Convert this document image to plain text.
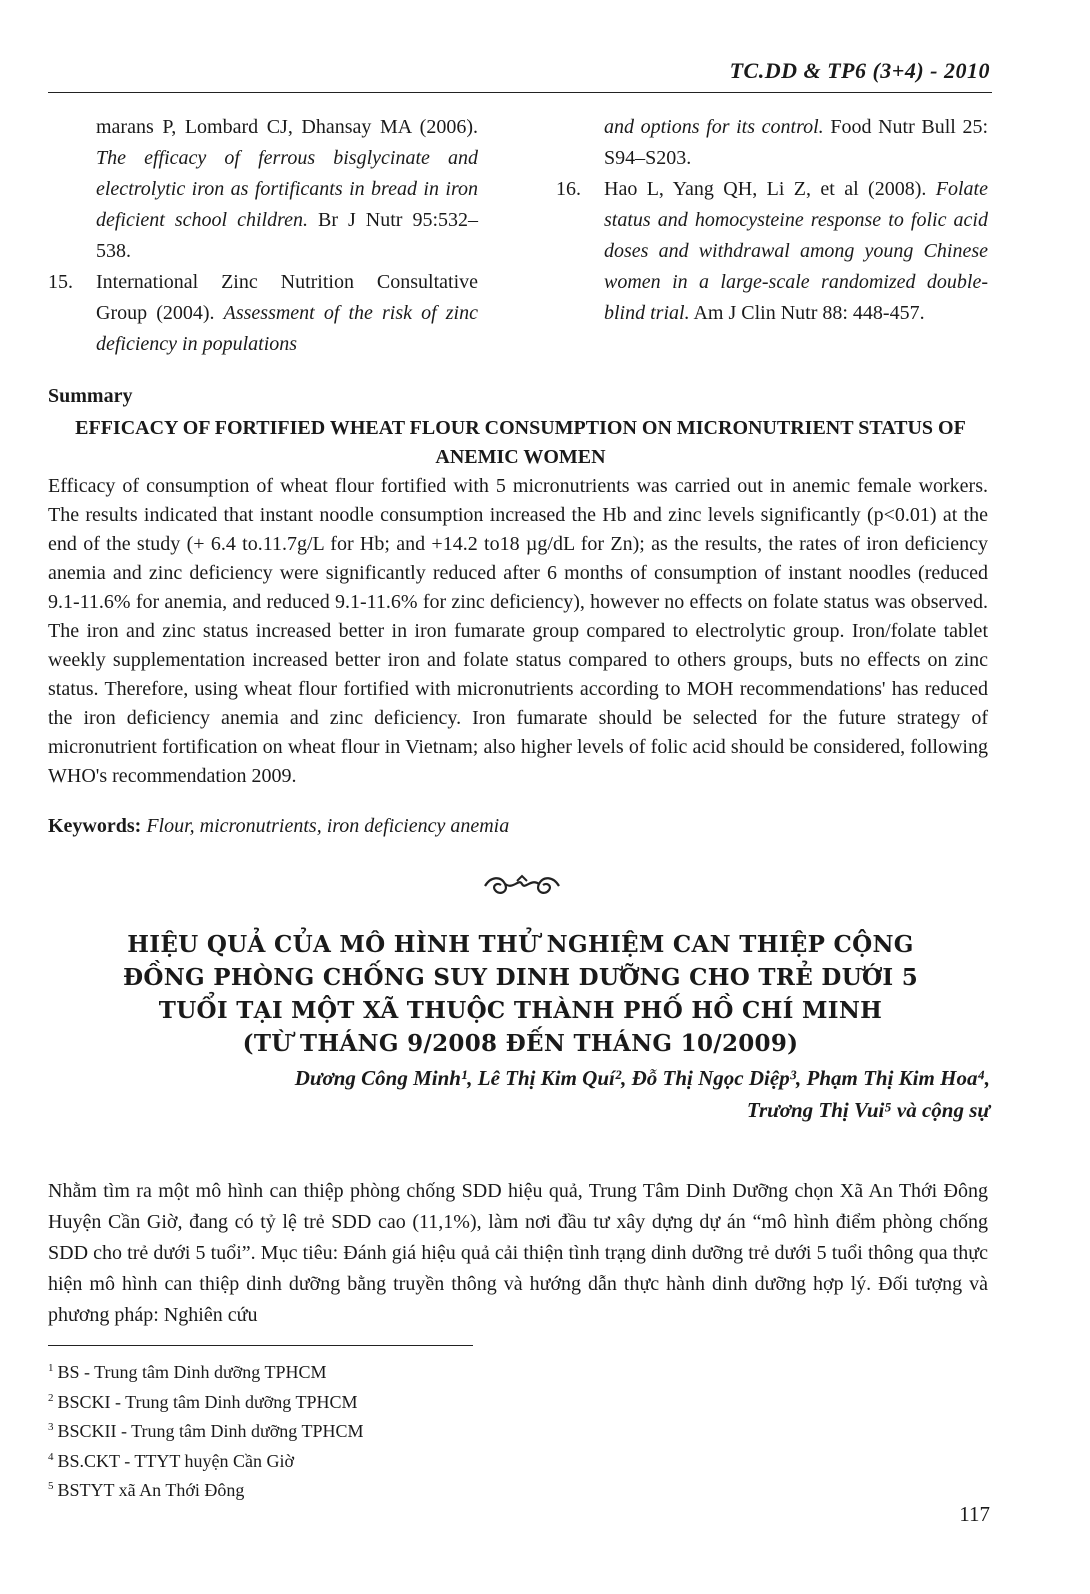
TC.DD & TP6 (3+4) - 2010
marans P, Lombard CJ, Dhansay MA (2006). The efficacy of ferrous bisglycinate and electrolytic iron as fortificants in bread in iron deficient school children. Br J Nutr 95:532–538.
15. International Zinc Nutrition Consultative Group (2004). Assessment of the risk of zinc deficiency in populations
and options for its control. Food Nutr Bull 25: S94–S203.
16. Hao L, Yang QH, Li Z, et al (2008). Folate status and homocysteine response to folic acid doses and withdrawal among young Chinese women in a large-scale randomized double-blind trial. Am J Clin Nutr 88: 448-457.
Summary
EFFICACY OF FORTIFIED WHEAT FLOUR CONSUMPTION ON MICRONUTRIENT STATUS OF ANEMIC WOMEN
Efficacy of consumption of wheat flour fortified with 5 micronutrients was carried out in anemic female workers. The results indicated that instant noodle consumption increased the Hb and zinc levels significantly (p<0.01) at the end of the study (+ 6.4 to.11.7g/L for Hb; and +14.2 to18 µg/dL for Zn); as the results, the rates of iron deficiency anemia and zinc deficiency were significantly reduced after 6 months of consumption of instant noodles (reduced 9.1-11.6% for anemia, and reduced 9.1-11.6% for zinc deficiency), however no effects on folate status was observed. The iron and zinc status increased better in iron fumarate group compared to electrolytic group. Iron/folate tablet weekly supplementation increased better iron and folate status compared to others groups, buts no effects on zinc status. Therefore, using wheat flour fortified with micronutrients according to MOH recommendations' has reduced the iron deficiency anemia and zinc deficiency. Iron fumarate should be selected for the future strategy of micronutrient fortification on wheat flour in Vietnam; also higher levels of folic acid should be considered, following WHO's recommendation 2009.
Keywords: Flour, micronutrients, iron deficiency anemia
HIỆU QUẢ CỦA MÔ HÌNH THỬ NGHIỆM CAN THIỆP CỘNG
ĐỒNG PHÒNG CHỐNG SUY DINH DƯỠNG CHO TRẺ DƯỚI 5
TUỔI TẠI MỘT XÃ THUỘC THÀNH PHỐ HỒ CHÍ MINH
(TỪ THÁNG 9/2008 ĐẾN THÁNG 10/2009)
Dương Công Minh¹, Lê Thị Kim Quí², Đỗ Thị Ngọc Diệp³, Phạm Thị Kim Hoa⁴,
Trương Thị Vui⁵ và cộng sự
Nhằm tìm ra một mô hình can thiệp phòng chống SDD hiệu quả, Trung Tâm Dinh Dưỡng chọn Xã An Thới Đông Huyện Cần Giờ, đang có tỷ lệ trẻ SDD cao (11,1%), làm nơi đầu tư xây dựng dự án “mô hình điểm phòng chống SDD cho trẻ dưới 5 tuổi”. Mục tiêu: Đánh giá hiệu quả cải thiện tình trạng dinh dưỡng trẻ dưới 5 tuổi thông qua thực hiện mô hình can thiệp dinh dưỡng bằng truyền thông và hướng dẫn thực hành dinh dưỡng hợp lý. Đối tượng và phương pháp: Nghiên cứu
$^1$ BS - Trung tâm Dinh dưỡng TPHCM
$^2$ BSCKI - Trung tâm Dinh dưỡng TPHCM
$^3$ BSCKII - Trung tâm Dinh dưỡng TPHCM
$^4$ BS.CKT - TTYT huyện Cần Giờ
$^5$ BSTYT xã An Thới Đông
117
